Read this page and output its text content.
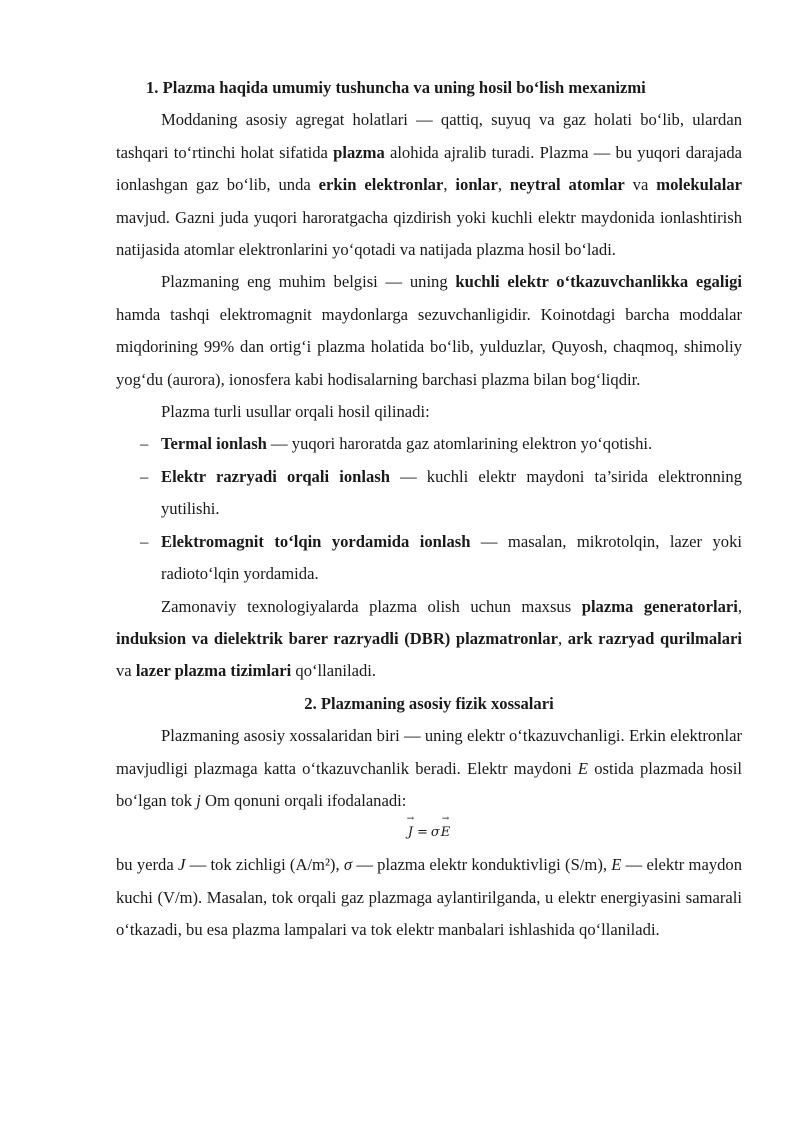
1. Plazma haqida umumiy tushuncha va uning hosil bo‘lish mexanizmi

Moddaning asosiy agregat holatlari — qattiq, suyuq va gaz holati bo‘lib, ulardan tashqari to‘rtinchi holat sifatida plazma alohida ajralib turadi. Plazma — bu yuqori darajada ionlashgan gaz bo‘lib, unda erkin elektronlar, ionlar, neytral atomlar va molekulalar mavjud. Gazni juda yuqori haroratgacha qizdirish yoki kuchli elektr maydonida ionlashtirish natijasida atomlar elektronlarini yo‘qotadi va natijada plazma hosil bo‘ladi.

Plazmaning eng muhim belgisi — uning kuchli elektr o‘tkazuvchanlikka egaligi hamda tashqi elektromagnit maydonlarga sezuvchanligidir. Koinotdagi barcha moddalar miqdorining 99% dan ortig‘i plazma holatida bo‘lib, yulduzlar, Quyosh, chaqmoq, shimoliy yog‘du (aurora), ionosfera kabi hodisalarning barchasi plazma bilan bog‘liqdir.

Plazma turli usullar orqali hosil qilinadi:

– Termal ionlash — yuqori haroratda gaz atomlarining elektron yo‘qotishi.
– Elektr razryadi orqali ionlash — kuchli elektr maydoni ta’sirida elektronning yutilishi.
– Elektromagnit to‘lqin yordamida ionlash — masalan, mikrotolqin, lazer yoki radioto‘lqin yordamida.

Zamonaviy texnologiyalarda plazma olish uchun maxsus plazma generatorlari, induksion va dielektrik barer razryadli (DBR) plazmatronlar, ark razryad qurilmalari va lazer plazma tizimlari qo‘llaniladi.

2. Plazmaning asosiy fizik xossalari

Plazmaning asosiy xossalaridan biri — uning elektr o‘tkazuvchanligi. Erkin elektronlar mavjudligi plazmaga katta o‘tkazuvchanlik beradi. Elektr maydoni E ostida plazmada hosil bo‘lgan tok j Om qonuni orqali ifodalanadi:

→ J = σ→ E

bu yerda J — tok zichligi (A/m²), σ — plazma elektr konduktivligi (S/m), E — elektr maydon kuchi (V/m). Masalan, tok orqali gaz plazmaga aylantirilganda, u elektr energiyasini samarali o‘tkazadi, bu esa plazma lampalari va tok elektr manbalari ishlashida qo‘llaniladi.
